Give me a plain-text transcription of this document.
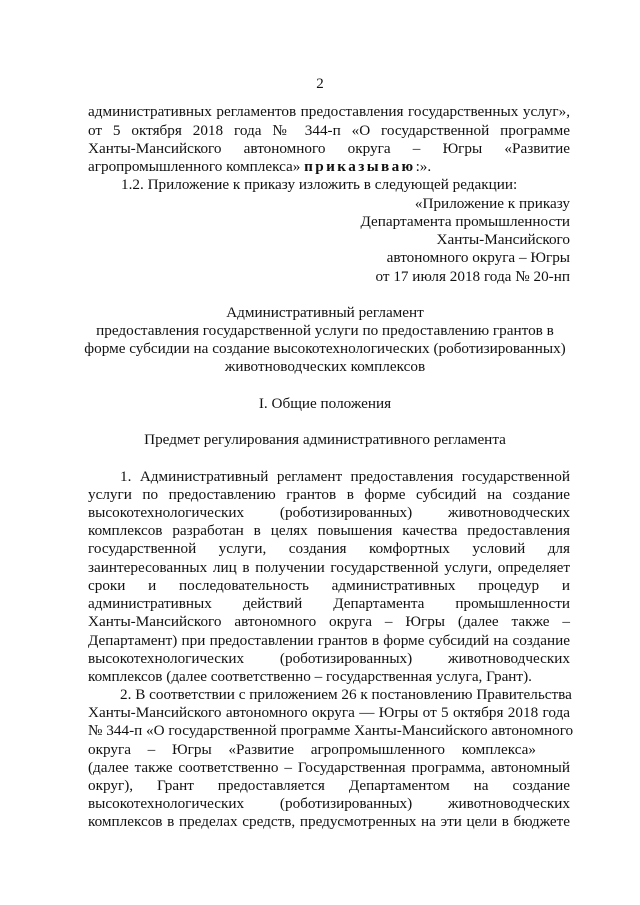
2
административных регламентов предоставления государственных услуг»,
от 5 октября 2018 года № 344-п «О государственной программе
Ханты-Мансийского автономного округа – Югры «Развитие
агропромышленного комплекса» приказываю:».
1.2. Приложение к приказу изложить в следующей редакции:
«Приложение к приказу
Департамента промышленности
Ханты-Мансийского
автономного округа – Югры
от 17 июля 2018 года № 20-нп
Административный регламент
предоставления государственной услуги по предоставлению грантов в
форме субсидии на создание высокотехнологических (роботизированных)
животноводческих комплексов
I. Общие положения
Предмет регулирования административного регламента
1. Административный регламент предоставления государственной
услуги по предоставлению грантов в форме субсидий на создание
высокотехнологических (роботизированных) животноводческих
комплексов разработан в целях повышения качества предоставления
государственной услуги, создания комфортных условий для
заинтересованных лиц в получении государственной услуги, определяет
сроки и последовательность административных процедур и
административных действий Департамента промышленности
Ханты-Мансийского автономного округа – Югры (далее также –
Департамент) при предоставлении грантов в форме субсидий на создание
высокотехнологических (роботизированных) животноводческих
комплексов (далее соответственно – государственная услуга, Грант).
2. В соответствии с приложением 26 к постановлению Правительства
Ханты-Мансийского автономного округа — Югры от 5 октября 2018 года
№ 344-п «О государственной программе Ханты-Мансийского автономного
округа – Югры «Развитие агропромышленного комплекса»
(далее также соответственно – Государственная программа, автономный
округ), Грант предоставляется Департаментом на создание
высокотехнологических (роботизированных) животноводческих
комплексов в пределах средств, предусмотренных на эти цели в бюджете
